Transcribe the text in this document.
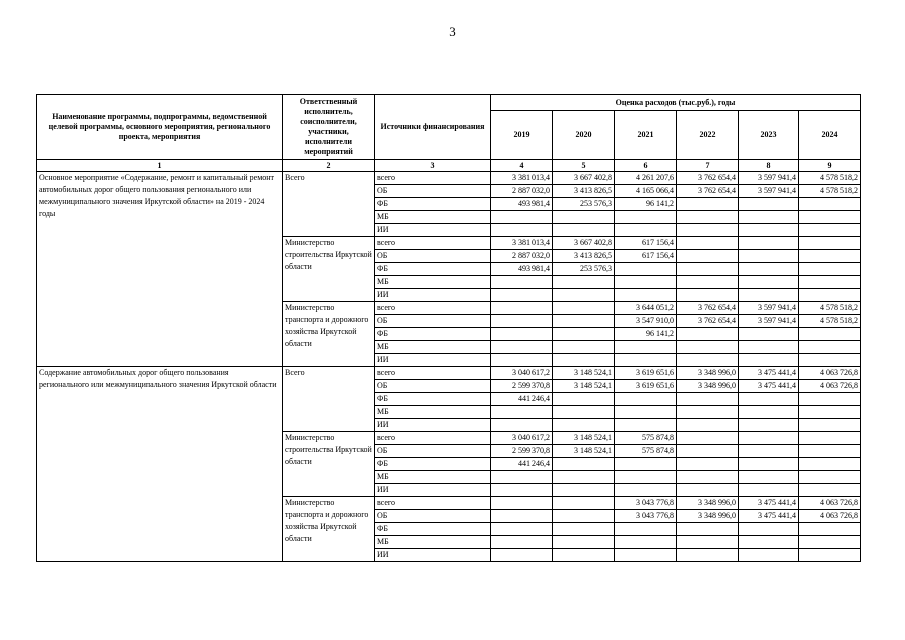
3
Наименование программы, подпрограммы, ведомственной целевой программы, основного мероприятия, регионального проекта, мероприятия	Ответственный исполнитель, соисполнители, участники, исполнители мероприятий	Источники финансирования	Оценка расходов (тыс.руб.), годы					
			2019	2020	2021	2022	2023	2024
1	2	3	4	5	6	7	8	9
Основное мероприятие «Содержание, ремонт и капитальный ремонт автомобильных дорог общего пользования регионального или межмуниципального значения Иркутской области» на 2019 - 2024 годы	Всего	всего	3 381 013,4	3 667 402,8	4 261 207,6	3 762 654,4	3 597 941,4	4 578 518,2
		ОБ	2 887 032,0	3 413 826,5	4 165 066,4	3 762 654,4	3 597 941,4	4 578 518,2
		ФБ	493 981,4	253 576,3	96 141,2			
		МБ						
		ИИ						
	Министерство строительства Иркутской области	всего	3 381 013,4	3 667 402,8	617 156,4			
		ОБ	2 887 032,0	3 413 826,5	617 156,4			
		ФБ	493 981,4	253 576,3				
		МБ						
		ИИ						
	Министерство транспорта и дорожного хозяйства Иркутской области	всего			3 644 051,2	3 762 654,4	3 597 941,4	4 578 518,2
		ОБ			3 547 910,0	3 762 654,4	3 597 941,4	4 578 518,2
		ФБ			96 141,2			
		МБ						
		ИИ						
Содержание автомобильных дорог общего пользования регионального или межмуниципального значения Иркутской области	Всего	всего	3 040 617,2	3 148 524,1	3 619 651,6	3 348 996,0	3 475 441,4	4 063 726,8
		ОБ	2 599 370,8	3 148 524,1	3 619 651,6	3 348 996,0	3 475 441,4	4 063 726,8
		ФБ	441 246,4					
		МБ						
		ИИ						
	Министерство строительства Иркутской области	всего	3 040 617,2	3 148 524,1	575 874,8			
		ОБ	2 599 370,8	3 148 524,1	575 874,8			
		ФБ	441 246,4					
		МБ						
		ИИ						
	Министерство транспорта и дорожного хозяйства Иркутской области	всего			3 043 776,8	3 348 996,0	3 475 441,4	4 063 726,8
		ОБ			3 043 776,8	3 348 996,0	3 475 441,4	4 063 726,8
		ФБ						
		МБ						
		ИИ						
